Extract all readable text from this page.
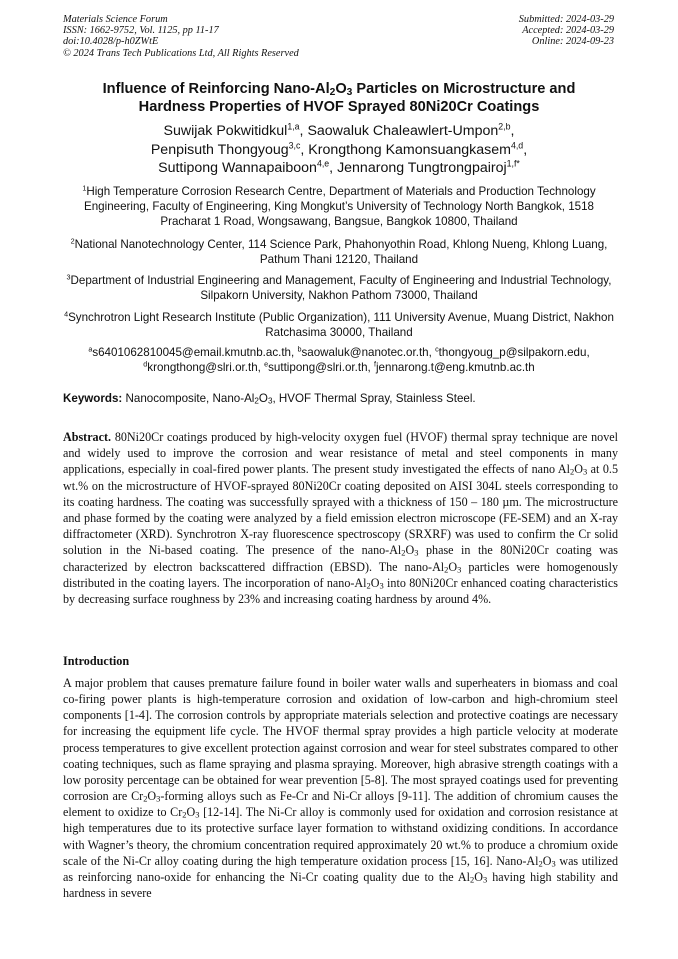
Materials Science Forum
ISSN: 1662-9752, Vol. 1125, pp 11-17
doi:10.4028/p-h0ZWtE
© 2024 Trans Tech Publications Ltd, All Rights Reserved
Submitted: 2024-03-29
Accepted: 2024-03-29
Online: 2024-09-23
Influence of Reinforcing Nano-$Al_2O_3$ Particles on Microstructure and
Hardness Properties of HVOF Sprayed 80Ni20Cr Coatings
Suwijak Pokwitidkul$^{1,a}$, Saowaluk Chaleawlert-Umpon$^{2,b}$,
Penpisuth Thongyoug$^{3,c}$, Krongthong Kamonsuangkasem$^{4,d}$,
Suttipong Wannapaiboon$^{4,e}$, Jennarong Tungtrongpairoj$^{1,f*}$
$^1$High Temperature Corrosion Research Centre, Department of Materials and Production Technology Engineering, Faculty of Engineering, King Mongkut’s University of Technology North Bangkok, 1518 Pracharat 1 Road, Wongsawang, Bangsue, Bangkok 10800, Thailand
$^2$National Nanotechnology Center, 114 Science Park, Phahonyothin Road, Khlong Nueng, Khlong Luang, Pathum Thani 12120, Thailand
$^3$Department of Industrial Engineering and Management, Faculty of Engineering and Industrial Technology, Silpakorn University, Nakhon Pathom 73000, Thailand
$^4$Synchrotron Light Research Institute (Public Organization), 111 University Avenue, Muang District, Nakhon Ratchasima 30000, Thailand
$^a$s6401062810045@email.kmutnb.ac.th, $^b$saowaluk@nanotec.or.th, $^c$thongyoug_p@silpakorn.edu,
$^d$krongthong@slri.or.th, $^e$suttipong@slri.or.th, $^f$jennarong.t@eng.kmutnb.ac.th
Keywords: Nanocomposite, Nano-$Al_2O_3$, HVOF Thermal Spray, Stainless Steel.
Abstract. 80Ni20Cr coatings produced by high-velocity oxygen fuel (HVOF) thermal spray technique are novel and widely used to improve the corrosion and wear resistance of metal and steel components in many applications, especially in coal-fired power plants. The present study investigated the effects of nano $Al_2O_3$ at 0.5 wt.% on the microstructure of HVOF-sprayed 80Ni20Cr coating deposited on AISI 304L steels corresponding to its coating hardness. The coating was successfully sprayed with a thickness of 150 – 180 µm. The microstructure and phase formed by the coating were analyzed by a field emission electron microscope (FE-SEM) and an X-ray diffractometer (XRD). Synchrotron X-ray fluorescence spectroscopy (SRXRF) was used to confirm the Cr solid solution in the Ni-based coating. The presence of the nano-$Al_2O_3$ phase in the 80Ni20Cr coating was characterized by electron backscattered diffraction (EBSD). The nano-$Al_2O_3$ particles were homogenously distributed in the coating layers. The incorporation of nano-$Al_2O_3$ into 80Ni20Cr enhanced coating characteristics by decreasing surface roughness by 23% and increasing coating hardness by around 4%.
Introduction
A major problem that causes premature failure found in boiler water walls and superheaters in biomass and coal co-firing power plants is high-temperature corrosion and oxidation of low-carbon and high-chromium steel components [1-4]. The corrosion controls by appropriate materials selection and protective coatings are necessary for increasing the equipment life cycle. The HVOF thermal spray provides a high particle velocity at moderate process temperatures to give excellent protection against corrosion and wear for steel substrates compared to other coating techniques, such as flame spraying and plasma spraying. Moreover, high abrasive strength coatings with a low porosity percentage can be obtained for wear prevention [5-8]. The most sprayed coatings used for preventing corrosion are $Cr_2O_3$-forming alloys such as Fe-Cr and Ni-Cr alloys [9-11]. The addition of chromium causes the element to oxidize to $Cr_2O_3$ [12-14]. The Ni-Cr alloy is commonly used for oxidation and corrosion resistance at high temperatures due to its protective surface layer formation to withstand oxidizing conditions. In accordance with Wagner’s theory, the chromium concentration required approximately 20 wt.% to produce a chromium oxide scale of the Ni-Cr alloy coating during the high temperature oxidation process [15, 16]. Nano-$Al_2O_3$ was utilized as reinforcing nano-oxide for enhancing the Ni-Cr coating quality due to the $Al_2O_3$ having high stability and hardness in severe
